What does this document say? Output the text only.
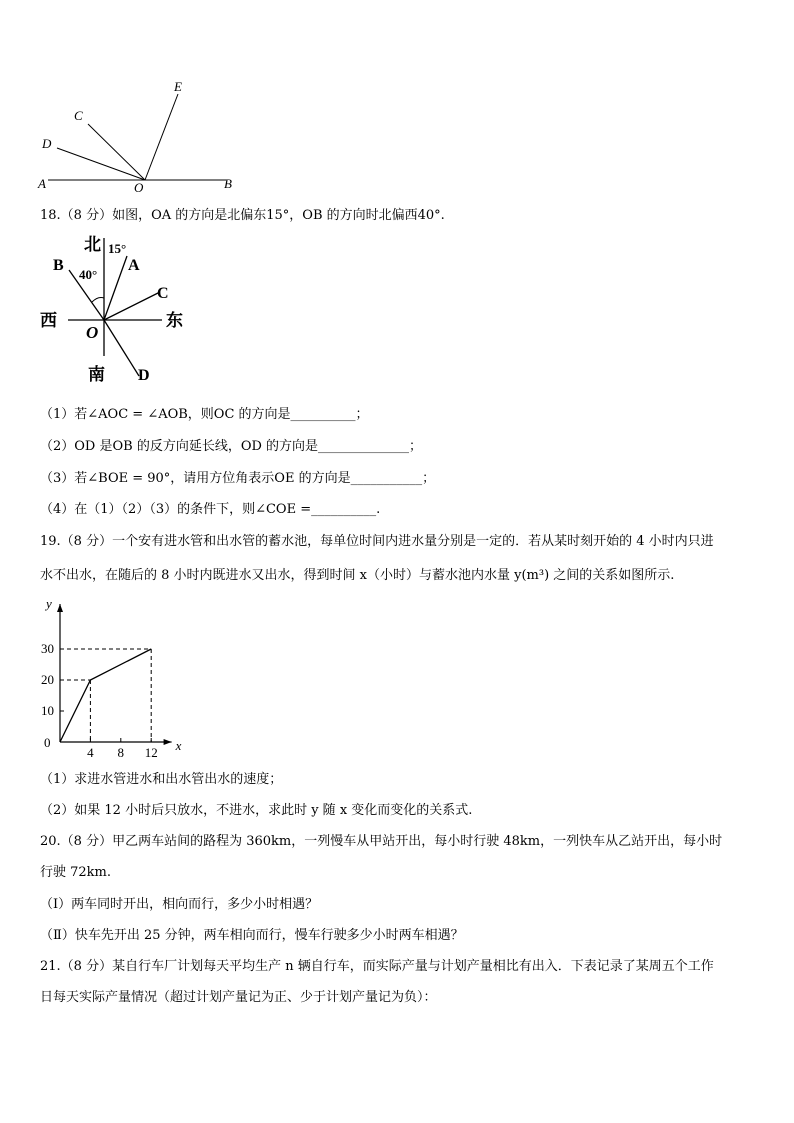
E
C
D
A	O	B
18.（8 分）如图，OA 的方向是北偏东15°，OB 的方向时北偏西40°.
北 15°
B	A
40°
C
西	东
O
南 D
（1）若∠AOC = ∠AOB，则OC 的方向是__________；
（2）OD 是OB 的反方向延长线，OD 的方向是______________；
（3）若∠BOE = 90°，请用方位角表示OE 的方向是___________；
（4）在（1）（2）（3）的条件下，则∠COE =__________.
19.（8 分）一个安有进水管和出水管的蓄水池，每单位时间内进水量分别是一定的．若从某时刻开始的 4 小时内只进
水不出水，在随后的 8 小时内既进水又出水，得到时间 x（小时）与蓄水池内水量 y(m³) 之间的关系如图所示.
x
y
0
4 8 12
10
20
30
（1）求进水管进水和出水管出水的速度；
（2）如果 12 小时后只放水，不进水，求此时 y 随 x 变化而变化的关系式.
20.（8 分）甲乙两车站间的路程为 360km，一列慢车从甲站开出，每小时行驶 48km，一列快车从乙站开出，每小时
行驶 72km.
（Ⅰ）两车同时开出，相向而行，多少小时相遇？
（Ⅱ）快车先开出 25 分钟，两车相向而行，慢车行驶多少小时两车相遇？
21.（8 分）某自行车厂计划每天平均生产 n 辆自行车，而实际产量与计划产量相比有出入．下表记录了某周五个工作
日每天实际产量情况（超过计划产量记为正、少于计划产量记为负）：
